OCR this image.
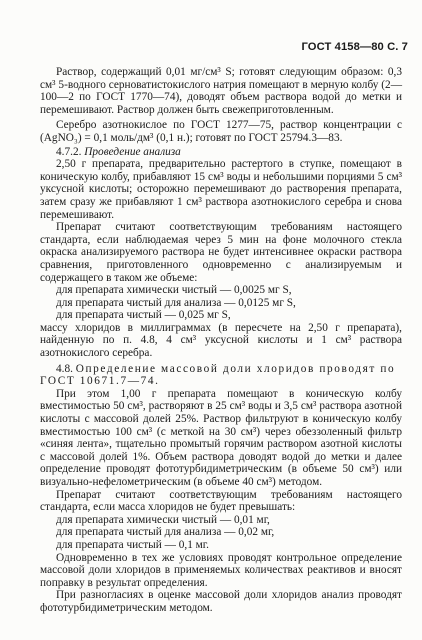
ГОСТ 4158—80 С. 7

Раствор, содержащий 0,01 мг/см³ S; готовят следующим образом: 0,3 см³ 5-водного серноватистокислого натрия помещают в мерную колбу (2—100—2 по ГОСТ 1770—74), доводят объем раствора водой до метки и перемешивают. Раствор должен быть свежеприготовленным.

Серебро азотнокислое по ГОСТ 1277—75, раствор концентрации c (AgNO₃) = 0,1 моль/дм³ (0,1 н.); готовят по ГОСТ 25794.3—83.

4.7.2. Проведение анализа

2,50 г препарата, предварительно растертого в ступке, помещают в коническую колбу, прибавляют 15 см³ воды и небольшими порциями 5 см³ уксусной кислоты; осторожно перемешивают до растворения препарата, затем сразу же прибавляют 1 см³ раствора азотнокислого серебра и снова перемешивают.

Препарат считают соответствующим требованиям настоящего стандарта, если наблюдаемая через 5 мин на фоне молочного стекла окраска анализируемого раствора не будет интенсивнее окраски раствора сравнения, приготовленного одновременно с анализируемым и содержащего в таком же объеме:

для препарата химически чистый — 0,0025 мг S,
для препарата чистый для анализа — 0,0125 мг S,
для препарата чистый — 0,025 мг S,

массу хлоридов в миллиграммах (в пересчете на 2,50 г препарата), найденную по п. 4.8, 4 см³ уксусной кислоты и 1 см³ раствора азотнокислого серебра.

4.8. Определение массовой доли хлоридов проводят по ГОСТ 10671.7—74.

При этом 1,00 г препарата помещают в коническую колбу вместимостью 50 см³, растворяют в 25 см³ воды и 3,5 см³ раствора азотной кислоты с массовой долей 25%. Раствор фильтруют в коническую колбу вместимостью 100 см³ (с меткой на 30 см³) через обеззоленный фильтр «синяя лента», тщательно промытый горячим раствором азотной кислоты с массовой долей 1%. Объем раствора доводят водой до метки и далее определение проводят фототурбидиметрическим (в объеме 50 см³) или визуально-нефелометрическим (в объеме 40 см³) методом.

Препарат считают соответствующим требованиям настоящего стандарта, если масса хлоридов не будет превышать:

для препарата химически чистый — 0,01 мг,
для препарата чистый для анализа — 0,02 мг,
для препарата чистый — 0,1 мг.

Одновременно в тех же условиях проводят контрольное определение массовой доли хлоридов в применяемых количествах реактивов и вносят поправку в результат определения.

При разногласиях в оценке массовой доли хлоридов анализ проводят фототурбидиметрическим методом.
